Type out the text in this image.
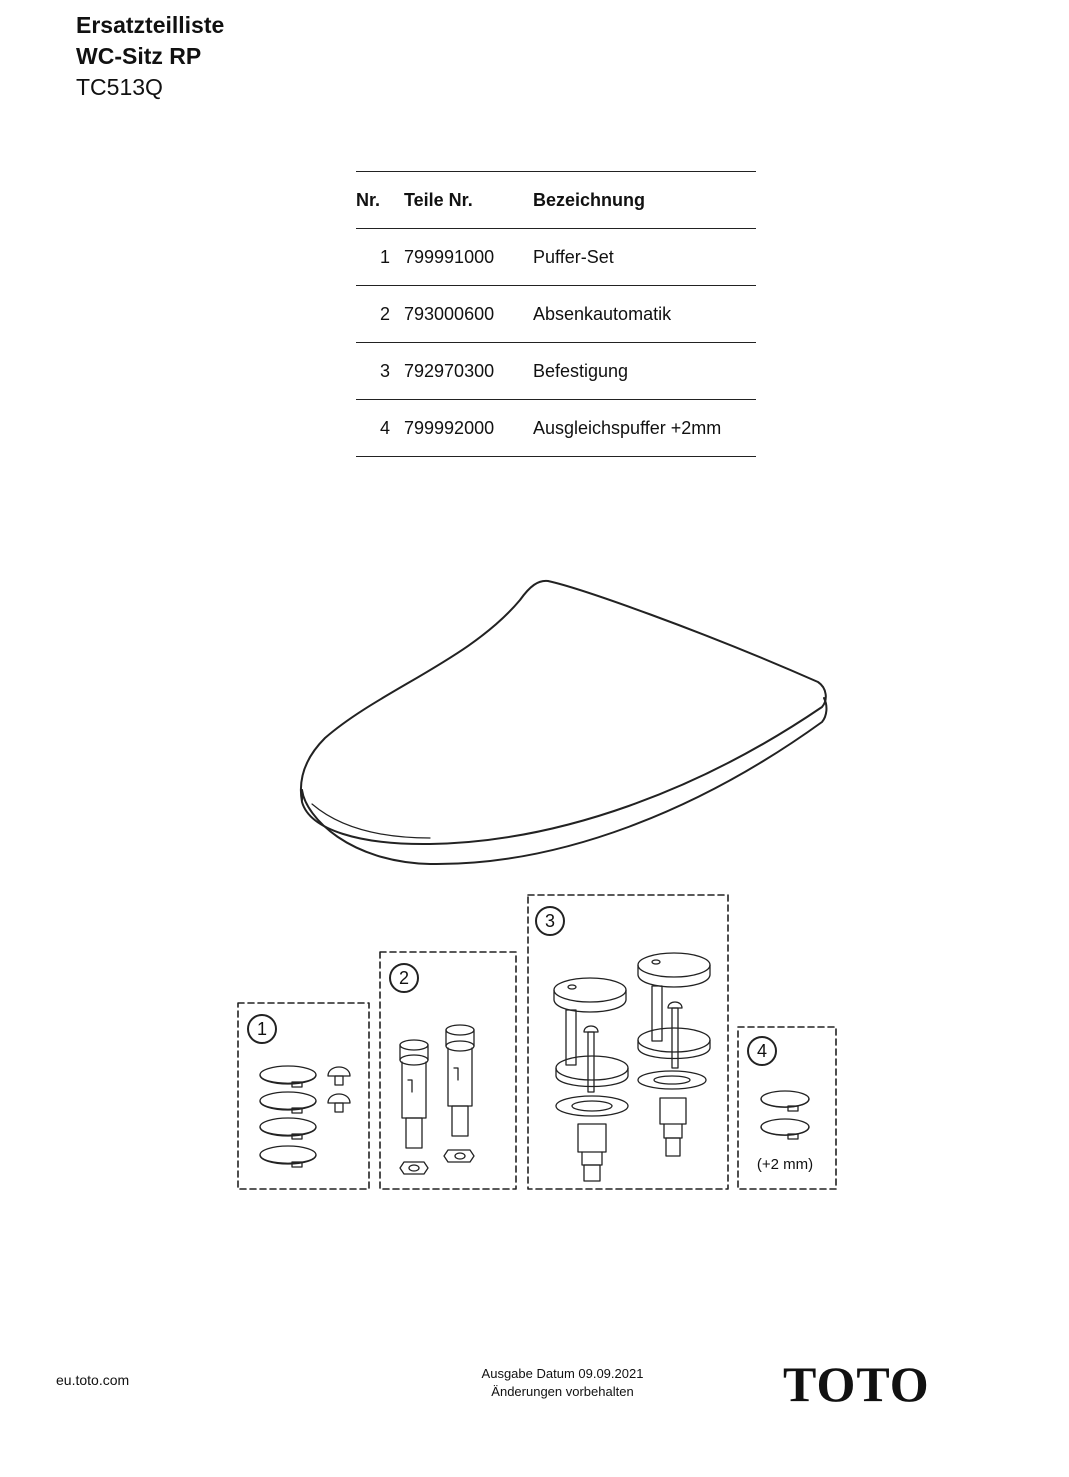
Ersatzteilliste
WC-Sitz RP
TC513Q
Nr.	Teile Nr.	Bezeichnung
1	799991000	Puffer-Set
2	793000600	Absenkautomatik
3	792970300	Befestigung
4	799992000	Ausgleichspuffer +2mm
1
2
3
4
(+2 mm)
eu.toto.com	Ausgabe Datum 09.09.2021
Änderungen vorbehalten	TOTO
